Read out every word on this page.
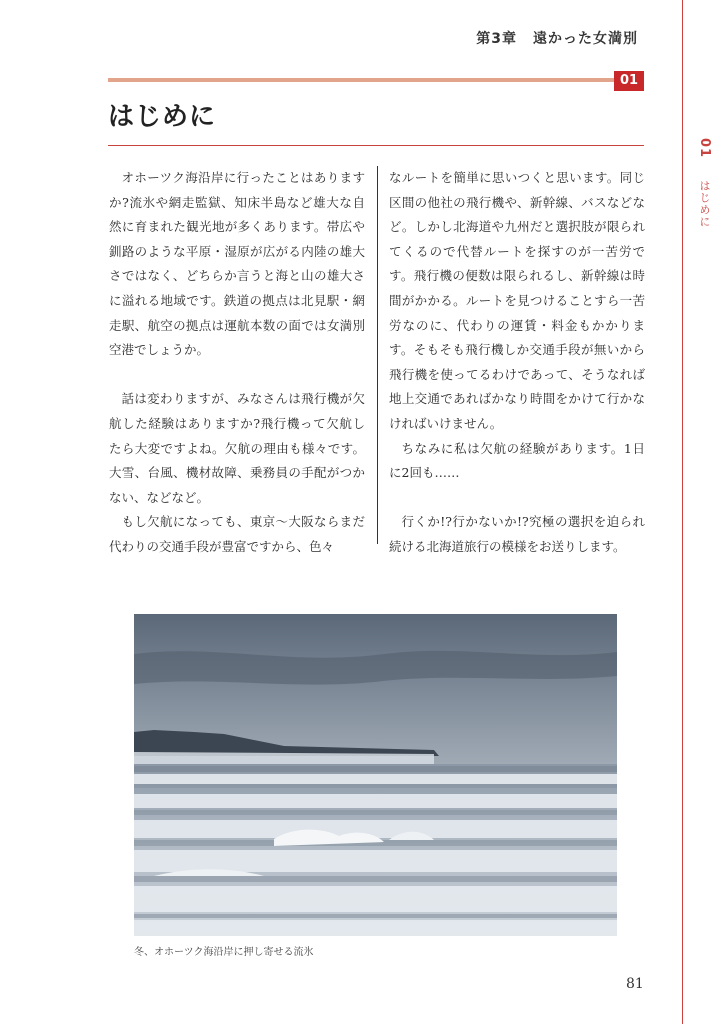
第3章 遠かった女満別
01
はじめに
01
はじめに

オホーツク海沿岸に行ったことはありますか?流氷や網走監獄、知床半島など雄大な自然に育まれた観光地が多くあります。帯広や釧路のような平原・湿原が広がる内陸の雄大さではなく、どちらか言うと海と山の雄大さに溢れる地域です。鉄道の拠点は北見駅・網走駅、航空の拠点は運航本数の面では女満別空港でしょうか。

話は変わりますが、みなさんは飛行機が欠航した経験はありますか?飛行機って欠航したら大変ですよね。欠航の理由も様々です。大雪、台風、機材故障、乗務員の手配がつかない、などなど。

もし欠航になっても、東京〜大阪ならまだ代わりの交通手段が豊富ですから、色々

なルートを簡単に思いつくと思います。同じ区間の他社の飛行機や、新幹線、バスなどなど。しかし北海道や九州だと選択肢が限られてくるので代替ルートを探すのが一苦労です。飛行機の便数は限られるし、新幹線は時間がかかる。ルートを見つけることすら一苦労なのに、代わりの運賃・料金もかかります。そもそも飛行機しか交通手段が無いから飛行機を使ってるわけであって、そうなれば地上交通であればかなり時間をかけて行かなければいけません。

ちなみに私は欠航の経験があります。1日に2回も……

行くか!?行かないか!?究極の選択を迫られ続ける北海道旅行の模様をお送りします。

冬、オホーツク海沿岸に押し寄せる流氷
81
